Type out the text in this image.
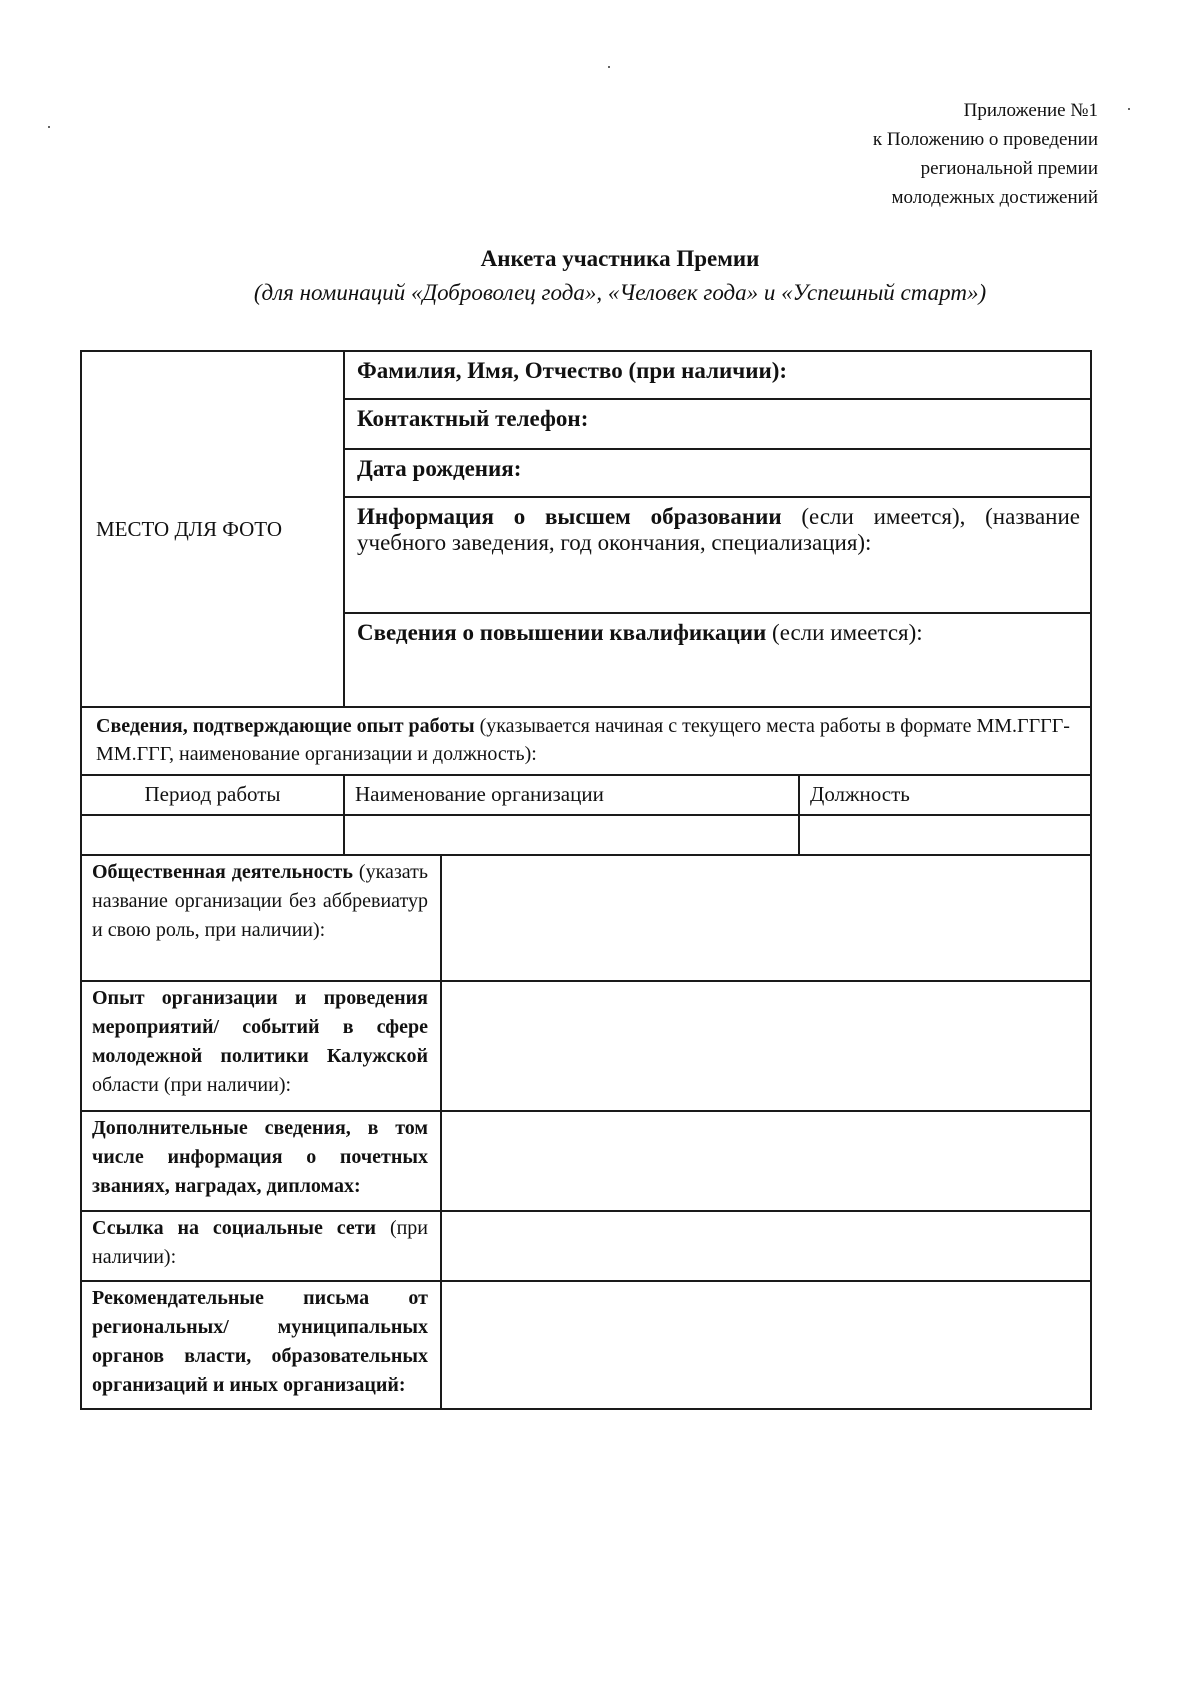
Приложение №1
к Положению о проведении
региональной премии
молодежных достижений
Анкета участника Премии
(для номинаций «Доброволец года», «Человек года» и «Успешный старт»)
МЕСТО ДЛЯ ФОТО	Фамилия, Имя, Отчество (при наличии):		
	Контактный телефон:		
	Дата рождения:		
	Информация о высшем образовании (если имеется), (название учебного заведения, год окончания, специализация):		
	Сведения о повышении квалификации (если имеется):		
Сведения, подтверждающие опыт работы (указывается начиная с текущего места работы в формате ММ.ГГГГ-ММ.ГГГ, наименование организации и должность):			
Период работы	Наименование организации		Должность

Общественная деятельность (указать название организации без аббревиатур и свою роль, при наличии):			
Опыт организации и проведения мероприятий/ событий в сфере молодежной политики Калужской области (при наличии):			
Дополнительные сведения, в том числе информация о почетных званиях, наградах, дипломах:			
Ссылка на социальные сети (при наличии):			
Рекомендательные письма от региональных/ муниципальных органов власти, образовательных организаций и иных организаций:			
